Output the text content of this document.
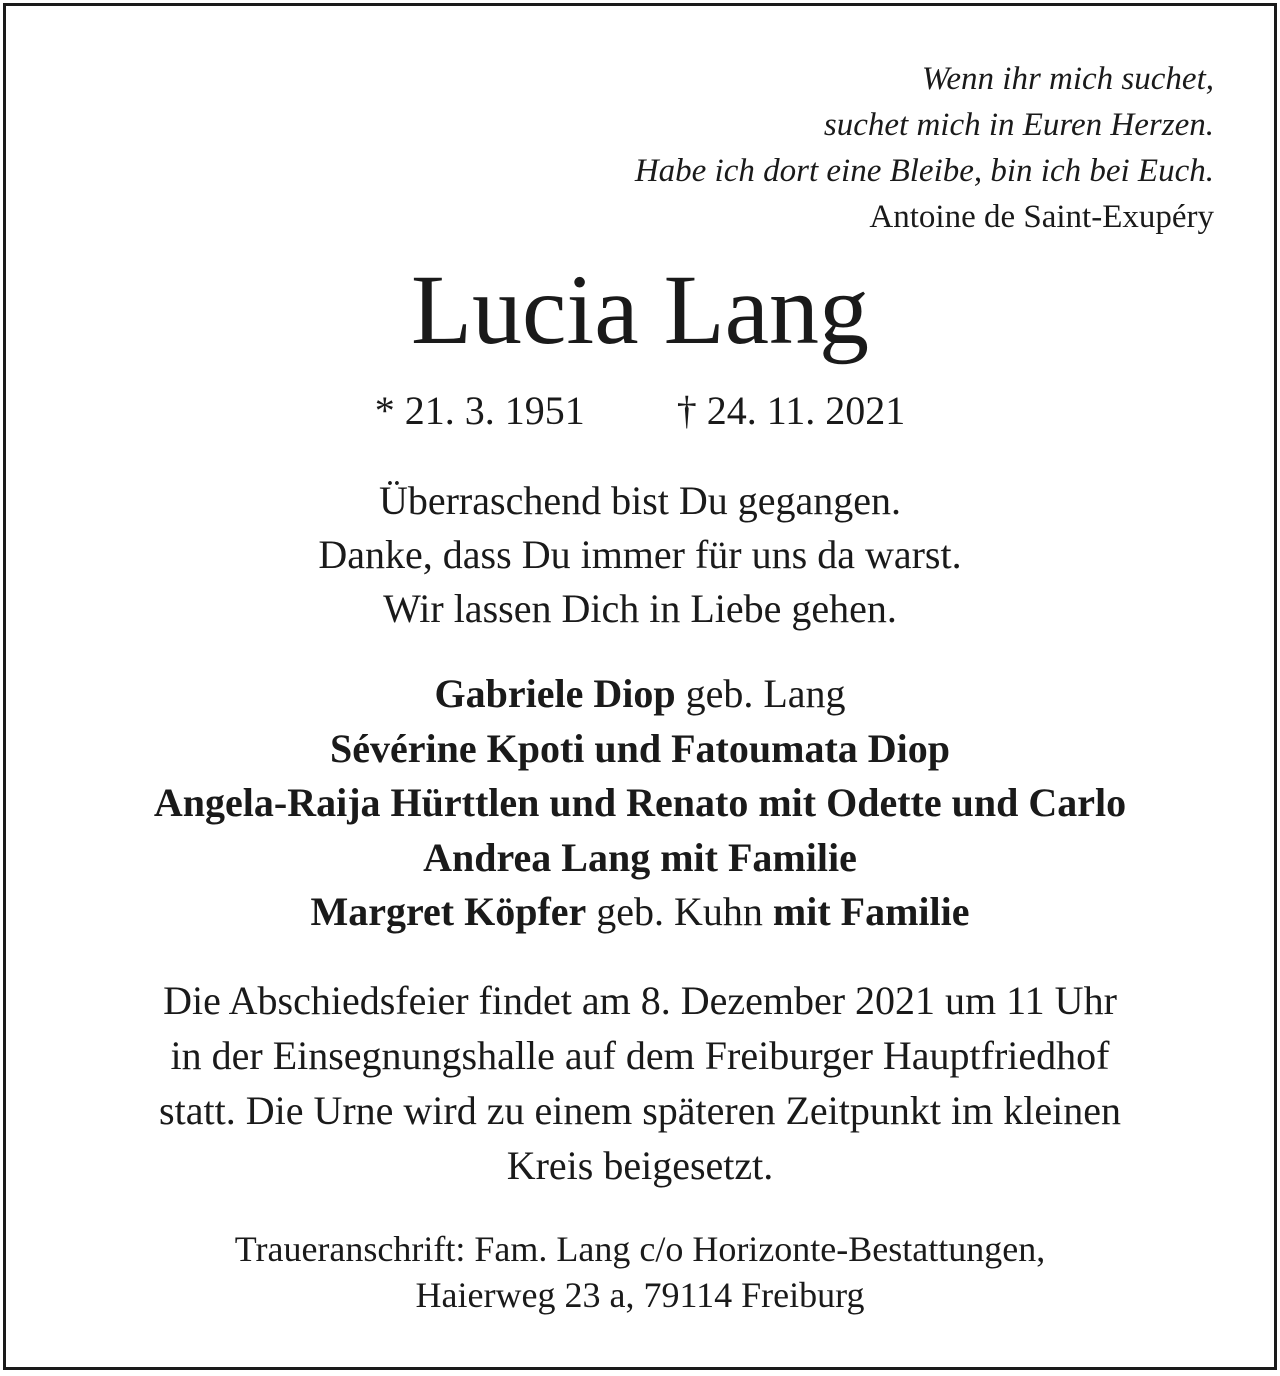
Wenn ihr mich suchet,
suchet mich in Euren Herzen.
Habe ich dort eine Bleibe, bin ich bei Euch.
Antoine de Saint-Exupéry
Lucia Lang
* 21. 3. 1951 † 24. 11. 2021
Überraschend bist Du gegangen.
Danke, dass Du immer für uns da warst.
Wir lassen Dich in Liebe gehen.
Gabriele Diop geb. Lang
Sévérine Kpoti und Fatoumata Diop
Angela-Raija Hürttlen und Renato mit Odette und Carlo
Andrea Lang mit Familie
Margret Köpfer geb. Kuhn mit Familie
Die Abschiedsfeier findet am 8. Dezember 2021 um 11 Uhr
in der Einsegnungshalle auf dem Freiburger Hauptfriedhof
statt. Die Urne wird zu einem späteren Zeitpunkt im kleinen
Kreis beigesetzt.
Traueranschrift: Fam. Lang c/o Horizonte-Bestattungen,
Haierweg 23 a, 79114 Freiburg
